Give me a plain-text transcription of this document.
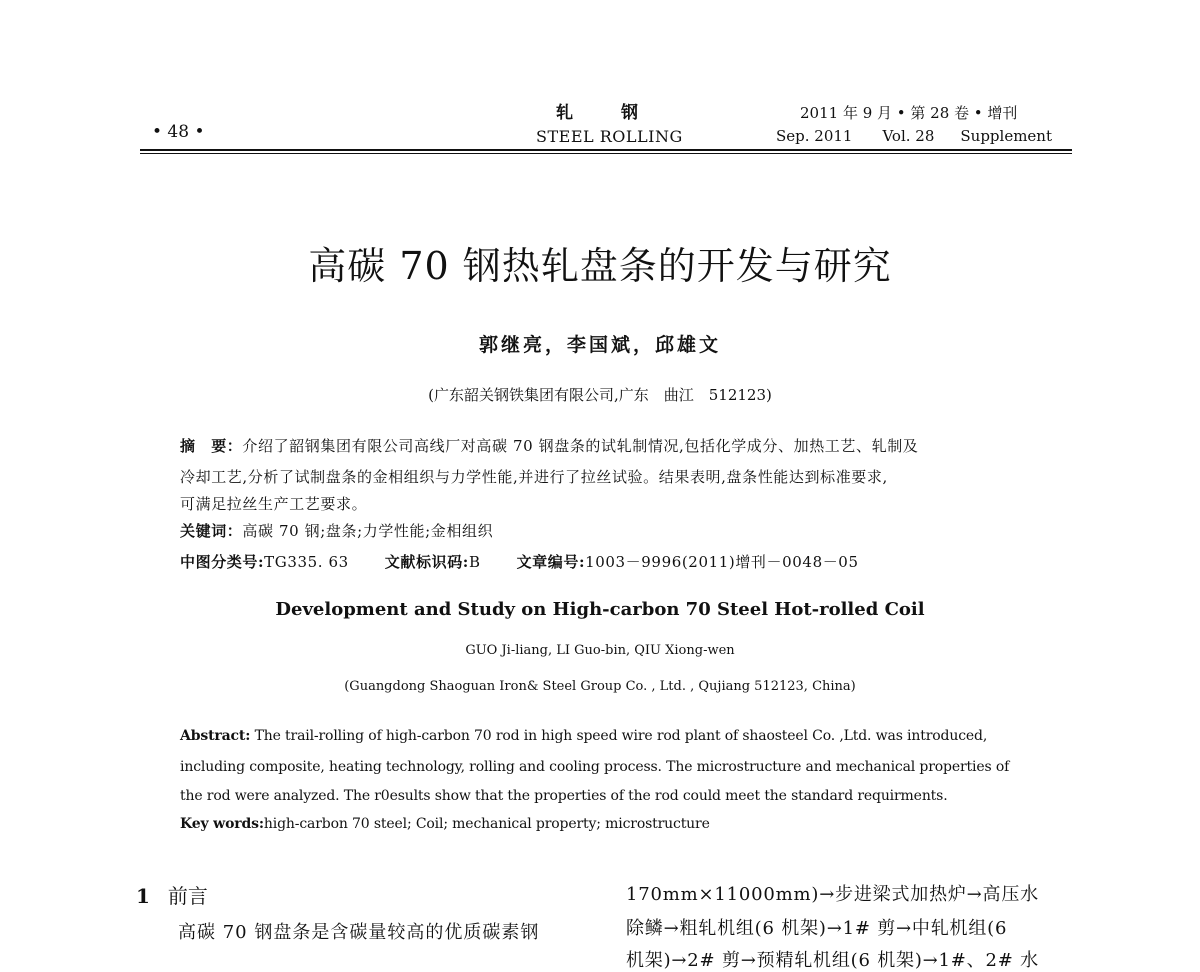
• 48 •
轧	钢
STEEL ROLLING
2011 年 9 月 • 第 28 卷 • 增刊
Sep. 2011 Vol. 28 Supplement
高碳 70 钢热轧盘条的开发与研究
郭继亮，李国斌，邱雄文
(广东韶关钢铁集团有限公司,广东　曲江　512123)
摘　要：介绍了韶钢集团有限公司高线厂对高碳 70 钢盘条的试轧制情况,包括化学成分、加热工艺、轧制及
冷却工艺,分析了试制盘条的金相组织与力学性能,并进行了拉丝试验。结果表明,盘条性能达到标准要求,
可满足拉丝生产工艺要求。
关键词：高碳 70 钢;盘条;力学性能;金相组织
中图分类号:TG335. 63 文献标识码:B 文章编号:1003－9996(2011)增刊－0048－05
Development and Study on High-carbon 70 Steel Hot-rolled Coil
GUO Ji-liang, LI Guo-bin, QIU Xiong-wen
(Guangdong Shaoguan Iron& Steel Group Co. , Ltd. , Qujiang 512123, China)
Abstract: The trail-rolling of high-carbon 70 rod in high speed wire rod plant of shaosteel Co. ,Ltd. was introduced,
including composite, heating technology, rolling and cooling process. The microstructure and mechanical properties of
the rod were analyzed. The r0esults show that the properties of the rod could meet the standard requirments.
Key words:high-carbon 70 steel; Coil; mechanical property; microstructure
1 前言
高碳 70 钢盘条是含碳量较高的优质碳素钢
170mm×11000mm)→步进梁式加热炉→高压水
除鳞→粗轧机组(6 机架)→1# 剪→中轧机组(6
机架)→2# 剪→预精轧机组(6 机架)→1#、2# 水
